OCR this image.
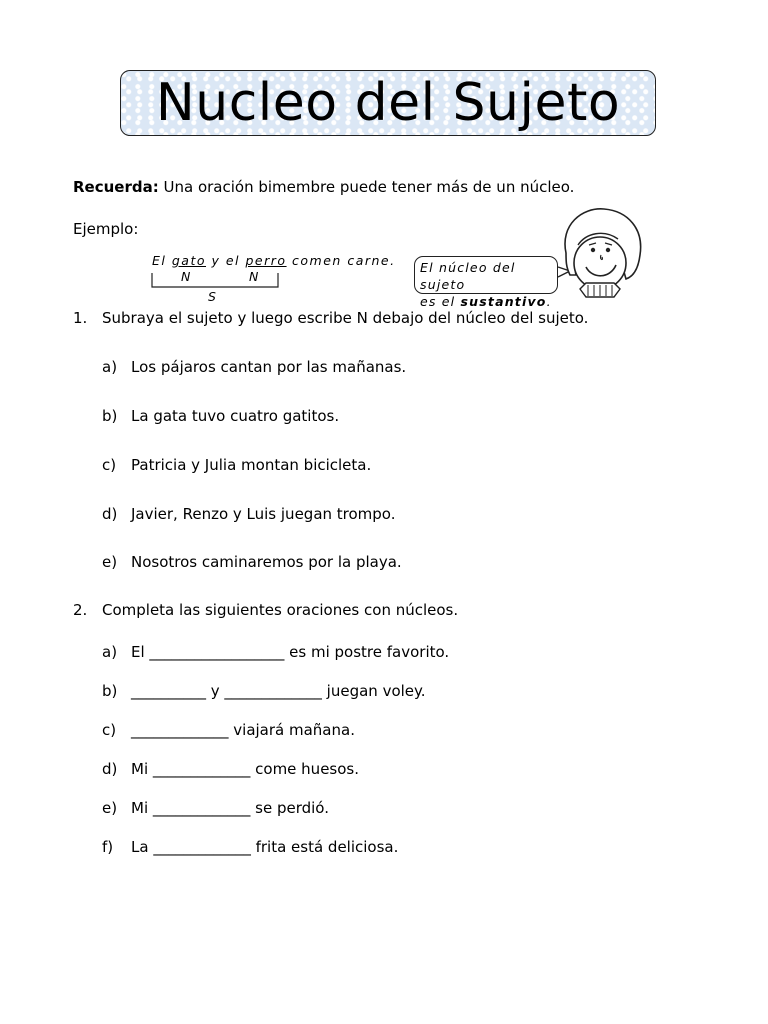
Nucleo del Sujeto
Recuerda: Una oración bimembre puede tener más de un núcleo.
Ejemplo:
El gato y el perro comen carne.
N	N
S
El núcleo del sujeto
es el sustantivo.
1. Subraya el sujeto y luego escribe N debajo del núcleo del sujeto.
a) Los pájaros cantan por las mañanas.
b) La gata tuvo cuatro gatitos.
c) Patricia y Julia montan bicicleta.
d) Javier, Renzo y Luis juegan trompo.
e) Nosotros caminaremos por la playa.
2. Completa las siguientes oraciones con núcleos.
a) El __________________ es mi postre favorito.
b) __________ y _____________ juegan voley.
c) _____________ viajará mañana.
d) Mi _____________ come huesos.
e) Mi _____________ se perdió.
f) La _____________ frita está deliciosa.
